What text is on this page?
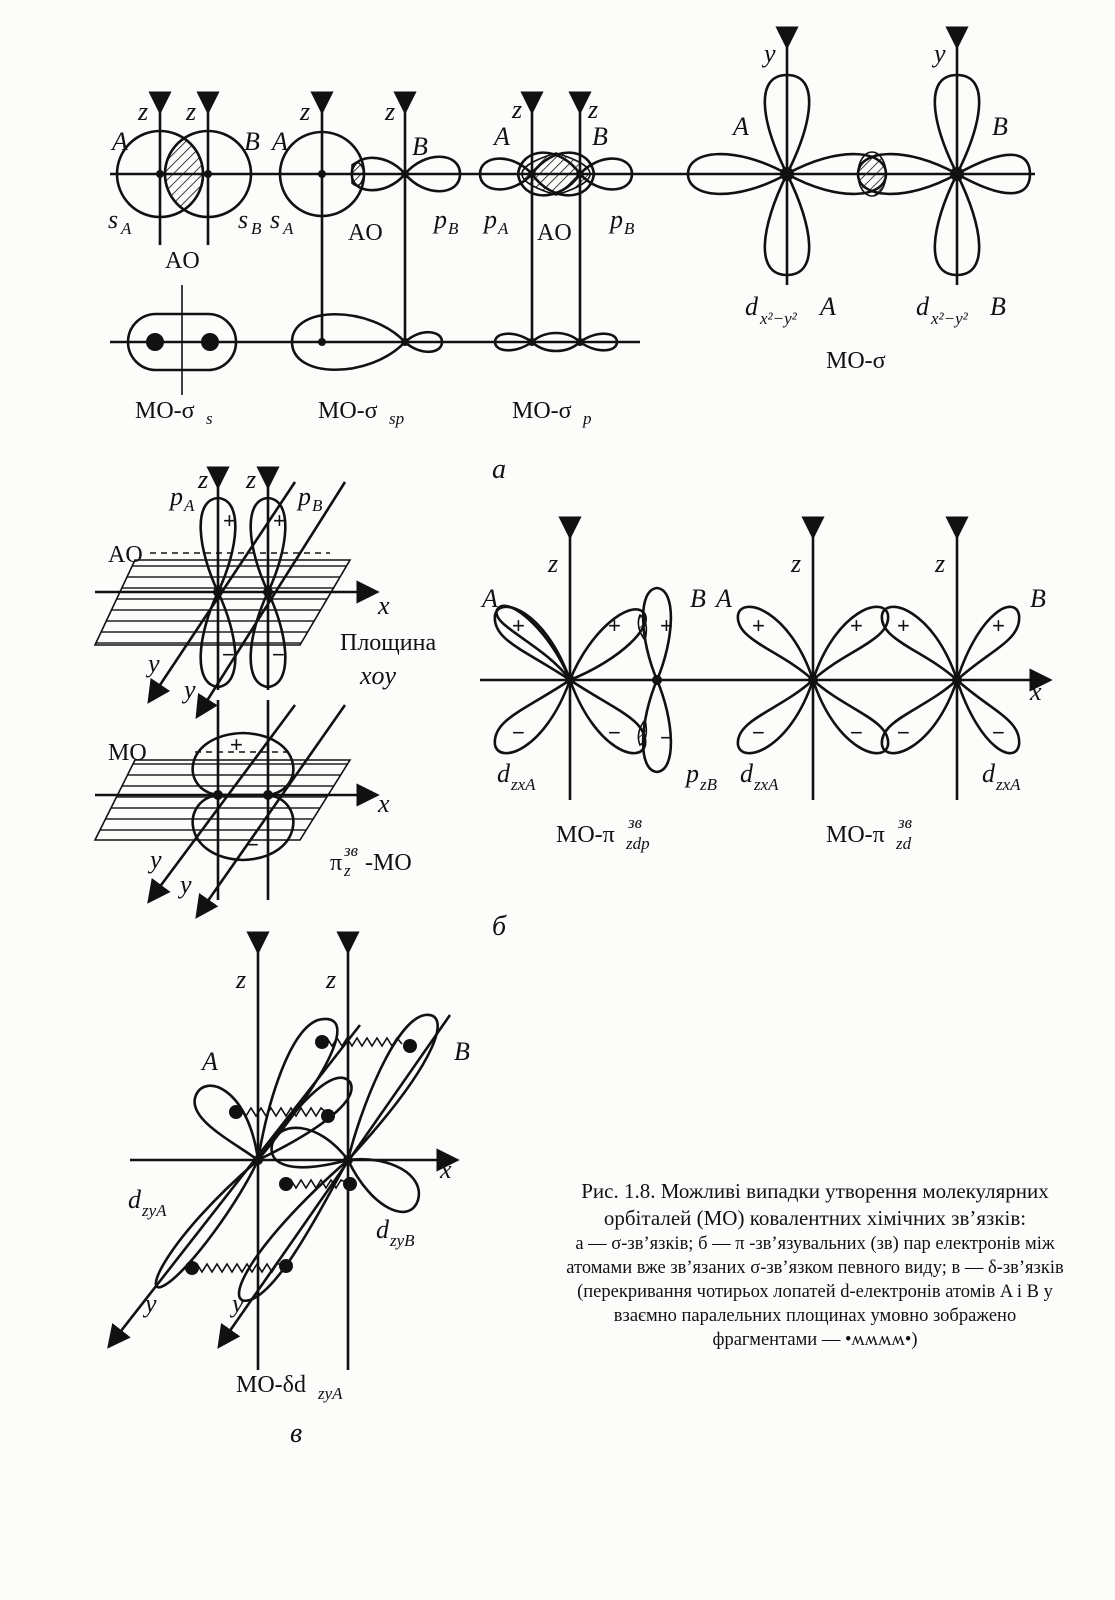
z z	z	z	z	z
y	y
A	B A	B	A	B	A	B
s A	s B s A	p B p A	p B
AO
AO	AO
d x²−y² A	d x²−y² B
MO-σ
MO-σ s	MO-σ sp	MO-σ p
а
z z
p A	p B
+ +
− −
AO
x
Площина
xoy
y
y
MO	+
−
x
y
y
π z
зв -MO
z	z	z
x
A	B A	B
+	+ +
−	− −
+	+ +	+
−	− −	−
d zxA	p zB d zxA	d zxA
MO-π zdp
зв	MO-π zd
зв
б
z	z
x
y	y
A	B
d zyA
d zyB
MO-δd zyA
в
Рис. 1.8. Можливі випадки утворення молекулярних орбіталей (МО) ковалентних хімічних зв’язків:
а — σ-зв’язків; б — π -зв’язувальних (зв) пар електронів між атомами вже зв’язаних σ-зв’язком певного виду; в — δ-зв’язків (перекривання чотирьох лопатей d-електронів атомів A і B у взаємно паралельних площинах умовно зображено фрагментами — •ʍʍʍʍ•)
